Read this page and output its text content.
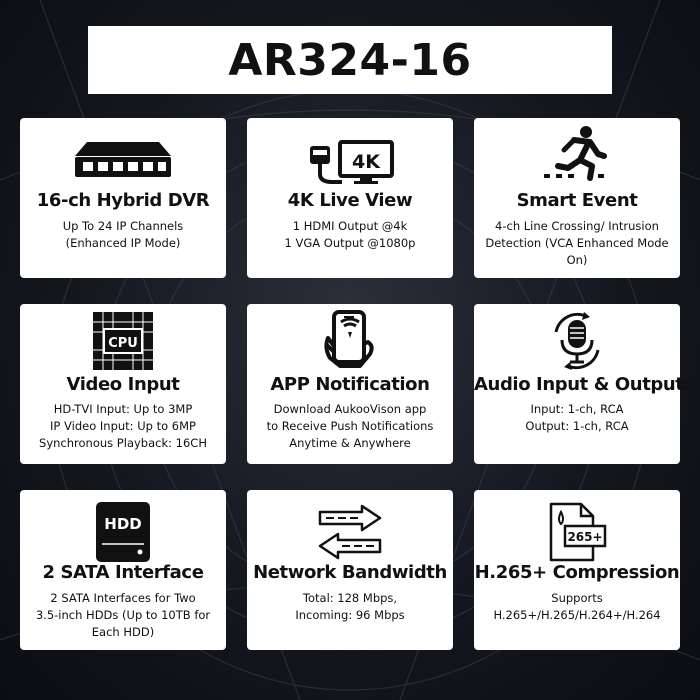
AR324-16
16-ch Hybrid DVR
Up To 24 IP Channels
(Enhanced IP Mode)
4K
4K Live View
1 HDMI Output @4k
1 VGA Output @1080p
Smart Event
4-ch Line Crossing/ Intrusion
Detection (VCA Enhanced Mode
On)
CPU
Video Input
HD-TVI Input: Up to 3MP
IP Video Input: Up to 6MP
Synchronous Playback: 16CH
APP Notification
Download AukooVison app
to Receive Push Notifications
Anytime & Anywhere
Audio Input & Output:
Input: 1-ch, RCA
Output: 1-ch, RCA
HDD
2 SATA Interface
2 SATA Interfaces for Two
3.5-inch HDDs (Up to 10TB for
Each HDD)
Network Bandwidth
Total: 128 Mbps,
Incoming: 96 Mbps
265+
H.265+ Compression
Supports
H.265+/H.265/H.264+/H.264
